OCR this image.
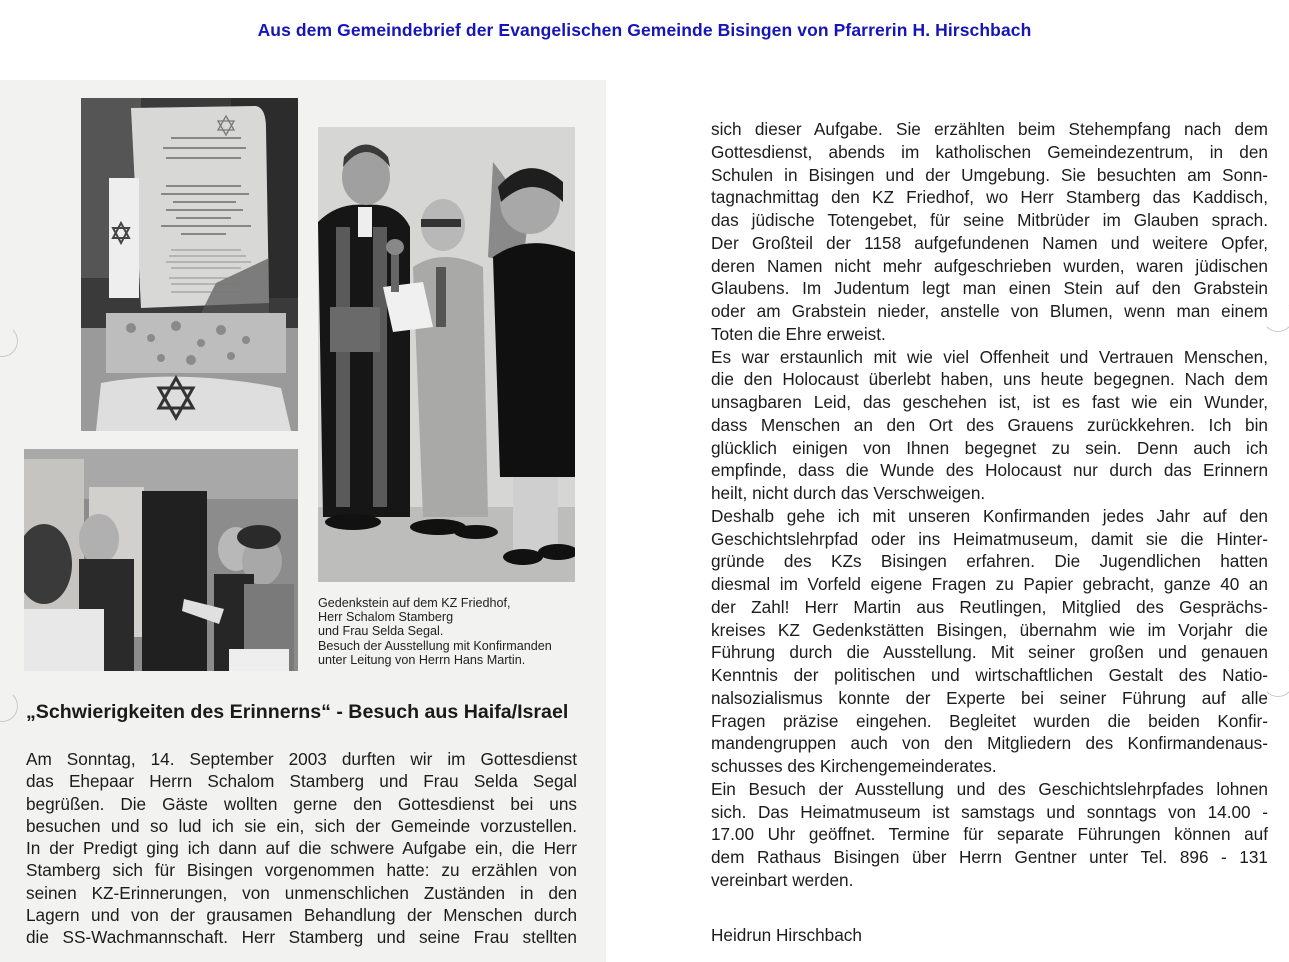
Aus dem Gemeindebrief der Evangelischen Gemeinde Bisingen von Pfarrerin H. Hirschbach
Gedenkstein auf dem KZ Friedhof,
Herr Schalom Stamberg
und Frau Selda Segal.
Besuch der Ausstellung mit Konfirmanden
unter Leitung von Herrn Hans Martin.
„Schwierigkeiten des Erinnerns“ - Besuch aus Haifa/Israel
Am Sonntag, 14. September 2003 durften wir im Gottesdienst
das Ehepaar Herrn Schalom Stamberg und Frau Selda Segal
begrüßen. Die Gäste wollten gerne den Gottesdienst bei uns
besuchen und so lud ich sie ein, sich der Gemeinde vorzustellen.
In der Predigt ging ich dann auf die schwere Aufgabe ein, die Herr
Stamberg sich für Bisingen vorgenommen hatte: zu erzählen von
seinen KZ-Erinnerungen, von unmenschlichen Zuständen in den
Lagern und von der grausamen Behandlung der Menschen durch
die SS-Wachmannschaft. Herr Stamberg und seine Frau stellten
sich dieser Aufgabe. Sie erzählten beim Stehempfang nach dem
Gottesdienst, abends im katholischen Gemeindezentrum, in den
Schulen in Bisingen und der Umgebung. Sie besuchten am Sonn-
tagnachmittag den KZ Friedhof, wo Herr Stamberg das Kaddisch,
das jüdische Totengebet, für seine Mitbrüder im Glauben sprach.
Der Großteil der 1158 aufgefundenen Namen und weitere Opfer,
deren Namen nicht mehr aufgeschrieben wurden, waren jüdischen
Glaubens. Im Judentum legt man einen Stein auf den Grabstein
oder am Grabstein nieder, anstelle von Blumen, wenn man einem
Toten die Ehre erweist.
Es war erstaunlich mit wie viel Offenheit und Vertrauen Menschen,
die den Holocaust überlebt haben, uns heute begegnen. Nach dem
unsagbaren Leid, das geschehen ist, ist es fast wie ein Wunder,
dass Menschen an den Ort des Grauens zurückkehren. Ich bin
glücklich einigen von Ihnen begegnet zu sein. Denn auch ich
empfinde, dass die Wunde des Holocaust nur durch das Erinnern
heilt, nicht durch das Verschweigen.
Deshalb gehe ich mit unseren Konfirmanden jedes Jahr auf den
Geschichtslehrpfad oder ins Heimatmuseum, damit sie die Hinter-
gründe des KZs Bisingen erfahren. Die Jugendlichen hatten
diesmal im Vorfeld eigene Fragen zu Papier gebracht, ganze 40 an
der Zahl! Herr Martin aus Reutlingen, Mitglied des Gesprächs-
kreises KZ Gedenkstätten Bisingen, übernahm wie im Vorjahr die
Führung durch die Ausstellung. Mit seiner großen und genauen
Kenntnis der politischen und wirtschaftlichen Gestalt des Natio-
nalsozialismus konnte der Experte bei seiner Führung auf alle
Fragen präzise eingehen. Begleitet wurden die beiden Konfir-
mandengruppen auch von den Mitgliedern des Konfirmandenaus-
schusses des Kirchengemeinderates.
Ein Besuch der Ausstellung und des Geschichtslehrpfades lohnen
sich. Das Heimatmuseum ist samstags und sonntags von 14.00 -
17.00 Uhr geöffnet. Termine für separate Führungen können auf
dem Rathaus Bisingen über Herrn Gentner unter Tel. 896 - 131
vereinbart werden.
Heidrun Hirschbach
